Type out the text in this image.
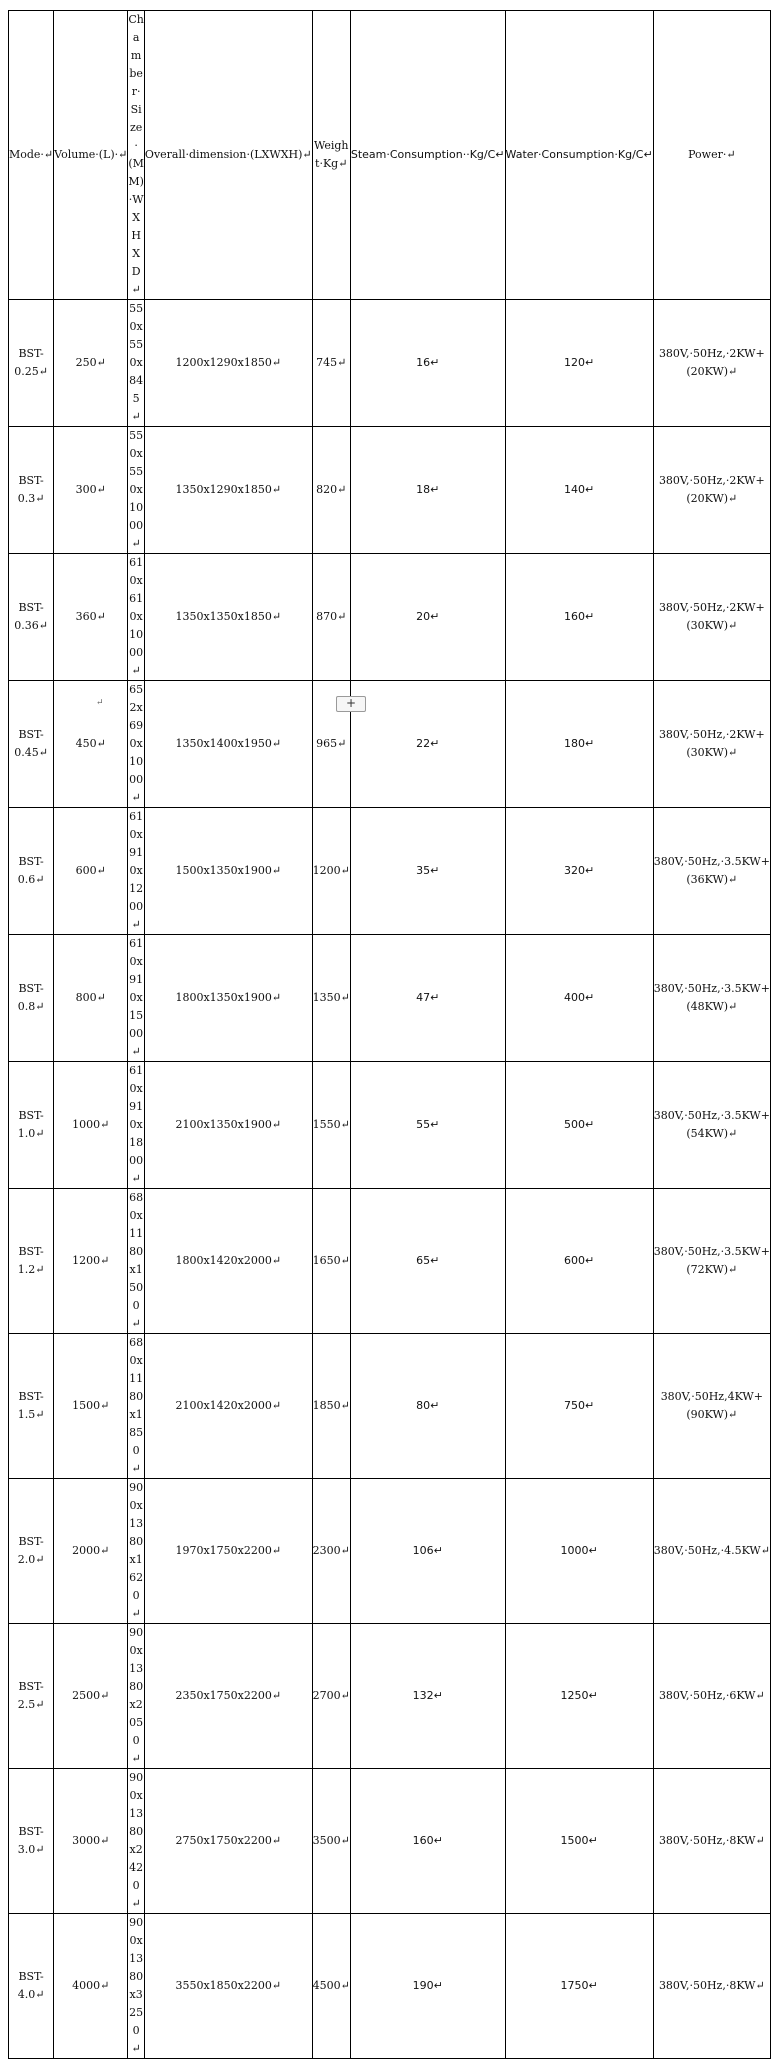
Mode·↵	Volume·(L)·↵	Chamber·Size·(MM)·WXHXD↵	Overall·dimension·(LXWXH)↵	Weight·Kg↵	Steam·Consumption··Kg/C↵	Water·Consumption·Kg/C↵	Power·↵
BST-0.25↵	250↵	550x550x845↵	1200x1290x1850↵	745↵	16↵	120↵	380V,·50Hz,·2KW+(20KW)↵
BST-0.3↵	300↵	550x550x1000↵	1350x1290x1850↵	820↵	18↵	140↵	380V,·50Hz,·2KW+(20KW)↵
BST-0.36↵	360↵	610x610x1000↵	1350x1350x1850↵	870↵	20↵	160↵	380V,·50Hz,·2KW+(30KW)↵
BST-0.45↵	450↵	652x690x1000↵	1350x1400x1950↵	965↵	22↵	180↵	380V,·50Hz,·2KW+(30KW)↵
BST-0.6↵	600↵	610x910x1200↵	1500x1350x1900↵	1200↵	35↵	320↵	380V,·50Hz,·3.5KW+(36KW)↵
BST-0.8↵	800↵	610x910x1500↵	1800x1350x1900↵	1350↵	47↵	400↵	380V,·50Hz,·3.5KW+(48KW)↵
BST-1.0↵	1000↵	610x910x1800↵	2100x1350x1900↵	1550↵	55↵	500↵	380V,·50Hz,·3.5KW+(54KW)↵
BST-1.2↵	1200↵	680x1180x1500↵	1800x1420x2000↵	1650↵	65↵	600↵	380V,·50Hz,·3.5KW+(72KW)↵
BST-1.5↵	1500↵	680x1180x1850↵	2100x1420x2000↵	1850↵	80↵	750↵	380V,·50Hz,4KW+(90KW)↵
BST-2.0↵	2000↵	900x1380x1620↵	1970x1750x2200↵	2300↵	106↵	1000↵	380V,·50Hz,·4.5KW↵
BST-2.5↵	2500↵	900x1380x2050↵	2350x1750x2200↵	2700↵	132↵	1250↵	380V,·50Hz,·6KW↵
BST-3.0↵	3000↵	900x1380x2420↵	2750x1750x2200↵	3500↵	160↵	1500↵	380V,·50Hz,·8KW↵
BST-4.0↵	4000↵	900x1380x3250↵	3550x1850x2200↵	4500↵	190↵	1750↵	380V,·50Hz,·8KW↵
↵	+
